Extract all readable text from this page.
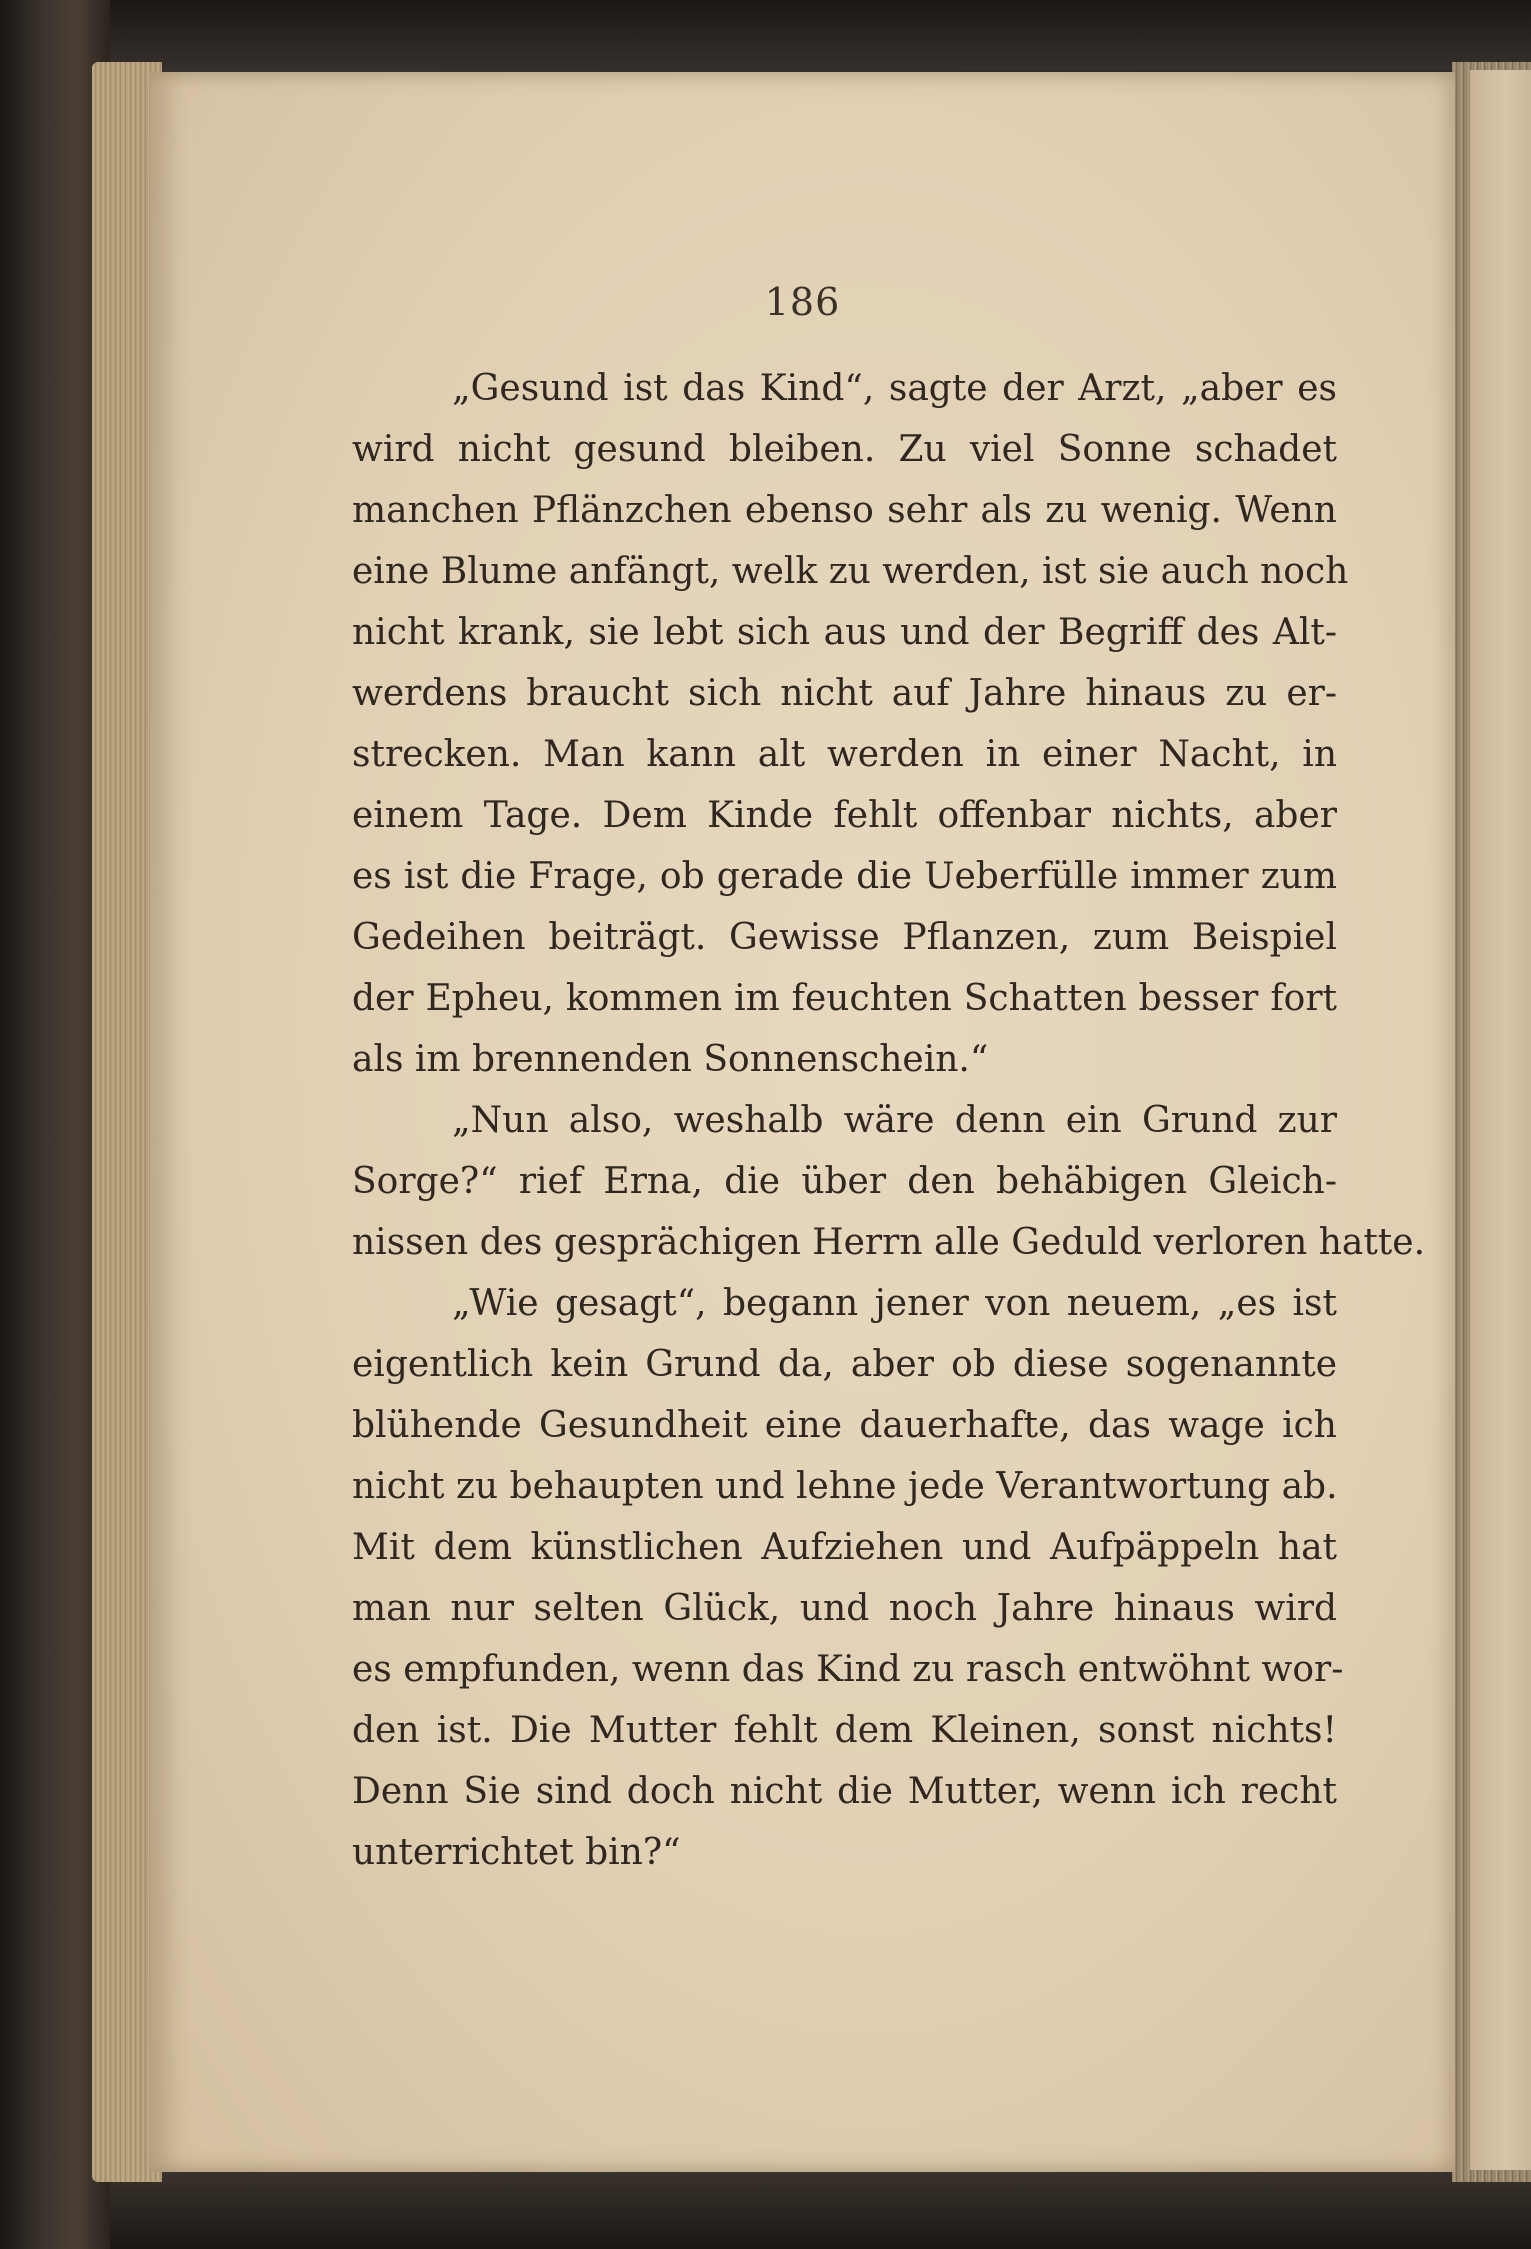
186
„Gesund ist das Kind“, sagte der Arzt, „aber es
wird nicht gesund bleiben. Zu viel Sonne schadet
manchen Pflänzchen ebenso sehr als zu wenig. Wenn
eine Blume anfängt, welk zu werden, ist sie auch noch
nicht krank, sie lebt sich aus und der Begriff des Alt-
werdens braucht sich nicht auf Jahre hinaus zu er-
strecken. Man kann alt werden in einer Nacht, in
einem Tage. Dem Kinde fehlt offenbar nichts, aber
es ist die Frage, ob gerade die Ueberfülle immer zum
Gedeihen beiträgt. Gewisse Pflanzen, zum Beispiel
der Epheu, kommen im feuchten Schatten besser fort
als im brennenden Sonnenschein.“
„Nun also, weshalb wäre denn ein Grund zur
Sorge?“ rief Erna, die über den behäbigen Gleich-
nissen des gesprächigen Herrn alle Geduld verloren hatte.
„Wie gesagt“, begann jener von neuem, „es ist
eigentlich kein Grund da, aber ob diese sogenannte
blühende Gesundheit eine dauerhafte, das wage ich
nicht zu behaupten und lehne jede Verantwortung ab.
Mit dem künstlichen Aufziehen und Aufpäppeln hat
man nur selten Glück, und noch Jahre hinaus wird
es empfunden, wenn das Kind zu rasch entwöhnt wor-
den ist. Die Mutter fehlt dem Kleinen, sonst nichts!
Denn Sie sind doch nicht die Mutter, wenn ich recht
unterrichtet bin?“
